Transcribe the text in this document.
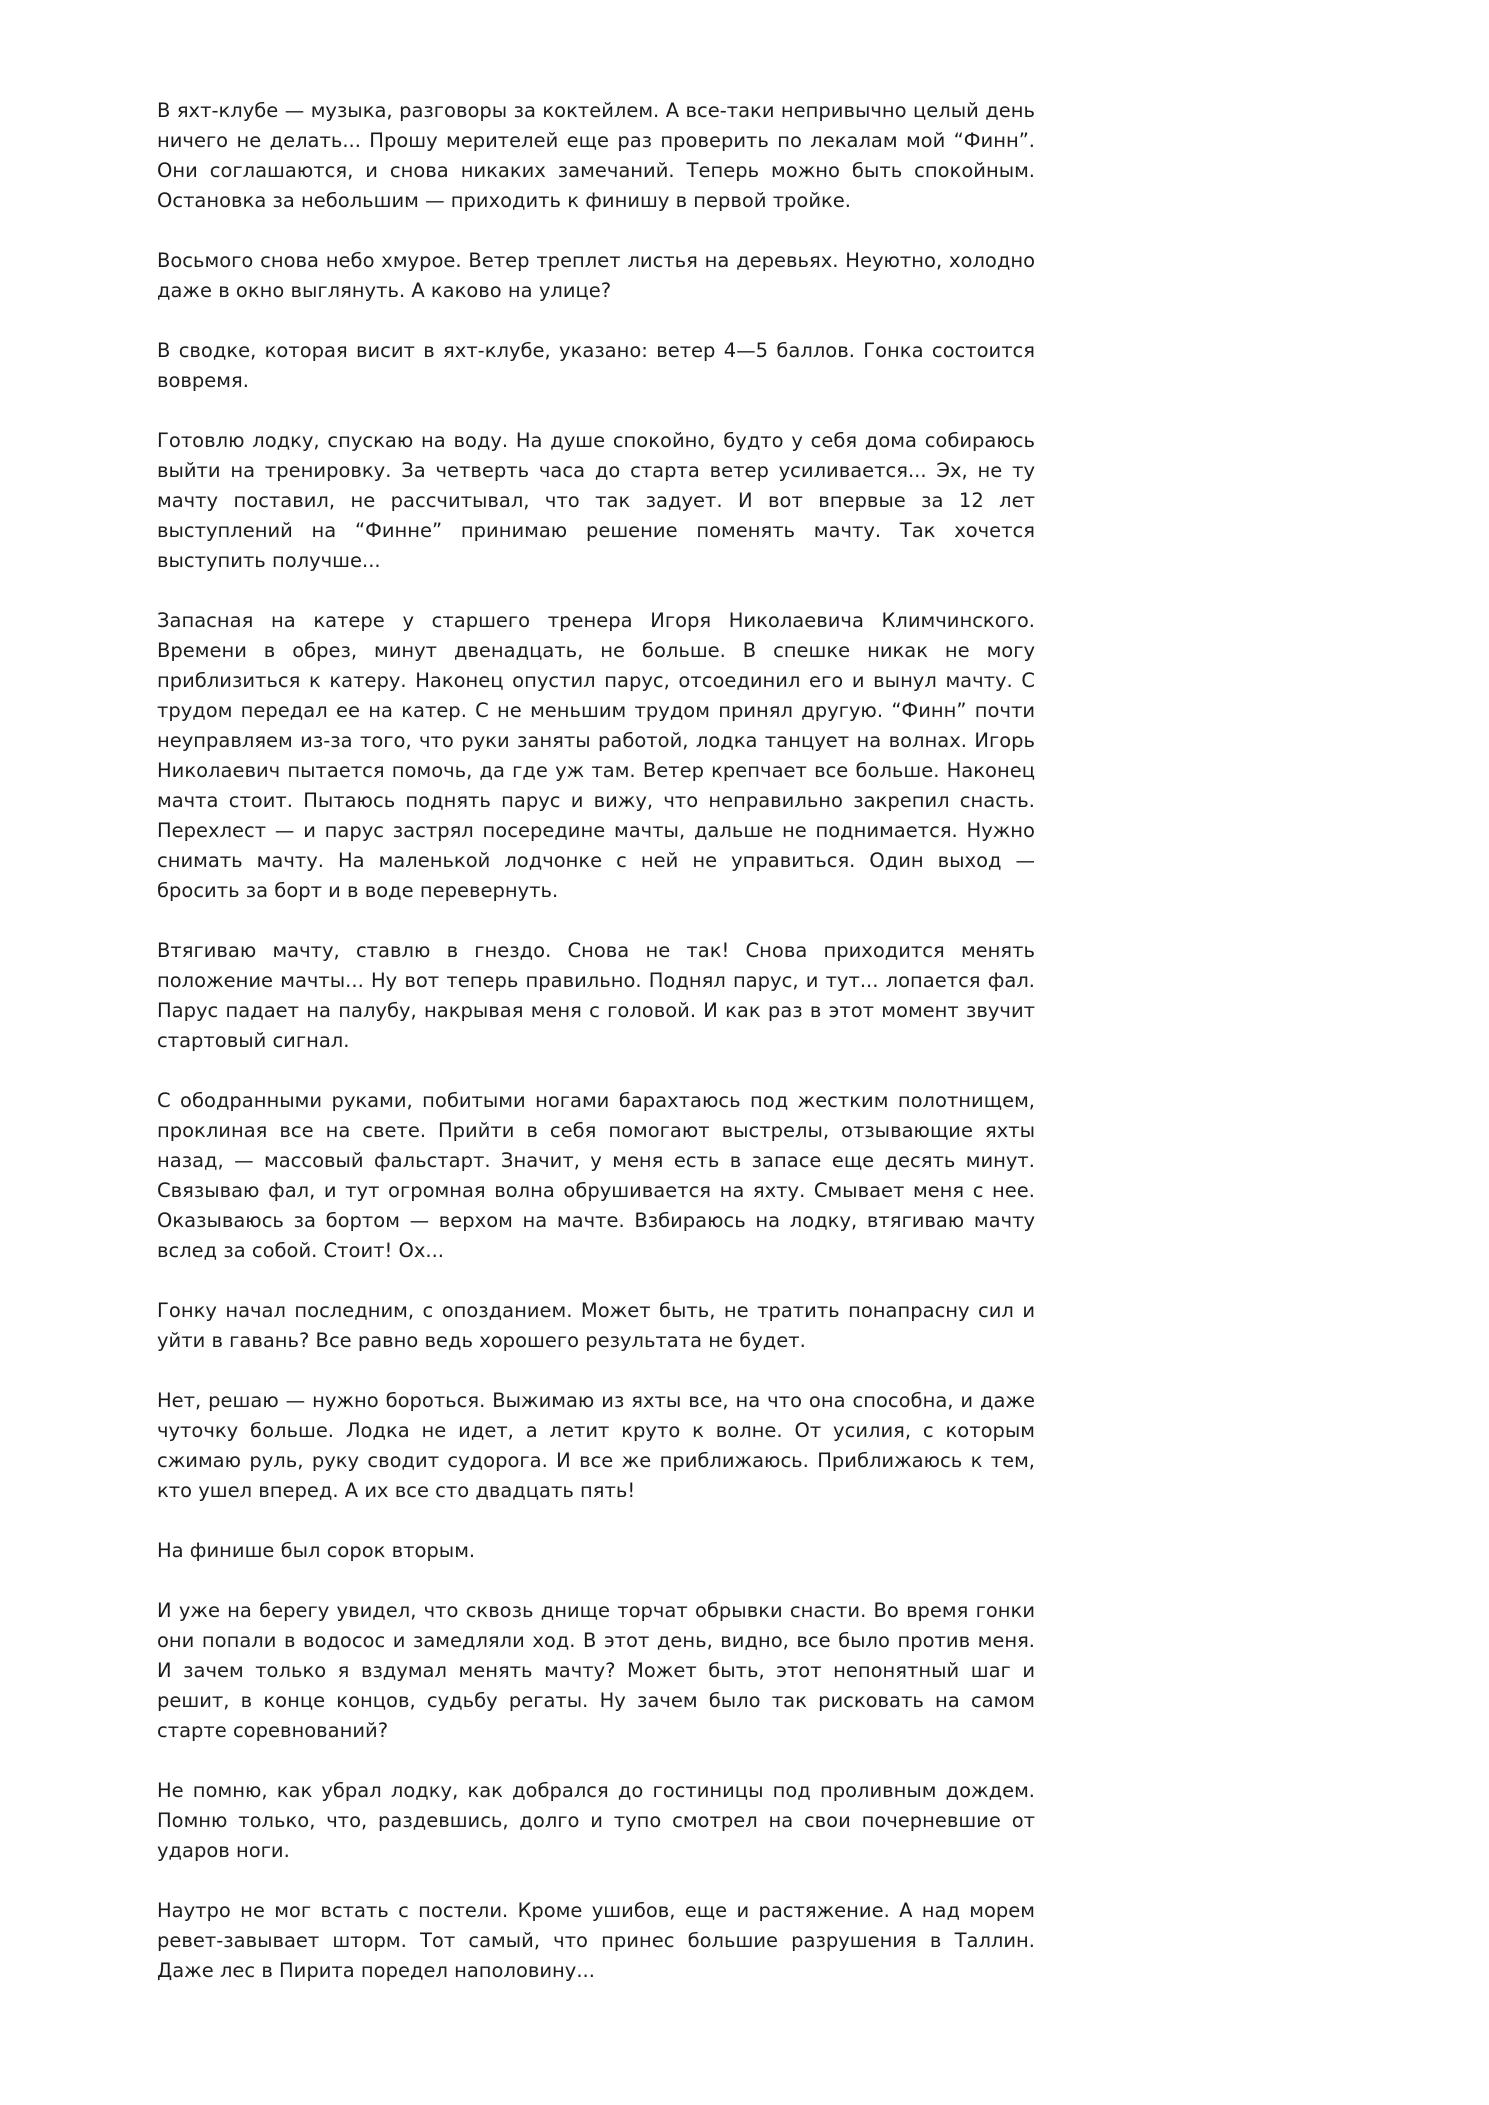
В яхт-клубе — музыка, разговоры за коктейлем. А все-таки непривычно целый день ничего не делать... Прошу мерителей еще раз проверить по лекалам мой “Финн”. Они соглашаются, и снова никаких замечаний. Теперь можно быть спокойным. Остановка за небольшим — приходить к финишу в первой тройке.

Восьмого снова небо хмурое. Ветер треплет листья на деревьях. Неуютно, холодно даже в окно выглянуть. А каково на улице?

В сводке, которая висит в яхт-клубе, указано: ветер 4—5 баллов. Гонка состоится вовремя.

Готовлю лодку, спускаю на воду. На душе спокойно, будто у себя дома собираюсь выйти на тренировку. За четверть часа до старта ветер усиливается... Эх, не ту мачту поставил, не рассчитывал, что так задует. И вот впервые за 12 лет выступлений на “Финне” принимаю решение поменять мачту. Так хочется выступить получше...

Запасная на катере у старшего тренера Игоря Николаевича Климчинского. Времени в обрез, минут двенадцать, не больше. В спешке никак не могу приблизиться к катеру. Наконец опустил парус, отсоединил его и вынул мачту. С трудом передал ее на катер. С не меньшим трудом принял другую. “Финн” почти неуправляем из-за того, что руки заняты работой, лодка танцует на волнах. Игорь Николаевич пытается помочь, да где уж там. Ветер крепчает все больше. Наконец мачта стоит. Пытаюсь поднять парус и вижу, что неправильно закрепил снасть. Перехлест — и парус застрял посередине мачты, дальше не поднимается. Нужно снимать мачту. На маленькой лодчонке с ней не управиться. Один выход — бросить за борт и в воде перевернуть.

Втягиваю мачту, ставлю в гнездо. Снова не так! Снова приходится менять положение мачты... Ну вот теперь правильно. Поднял парус, и тут... лопается фал. Парус падает на палубу, накрывая меня с головой. И как раз в этот момент звучит стартовый сигнал.

С ободранными руками, побитыми ногами барахтаюсь под жестким полотнищем, проклиная все на свете. Прийти в себя помогают выстрелы, отзывающие яхты назад, — массовый фальстарт. Значит, у меня есть в запасе еще десять минут. Связываю фал, и тут огромная волна обрушивается на яхту. Смывает меня с нее. Оказываюсь за бортом — верхом на мачте. Взбираюсь на лодку, втягиваю мачту вслед за собой. Стоит! Ох...

Гонку начал последним, с опозданием. Может быть, не тратить понапрасну сил и уйти в гавань? Все равно ведь хорошего результата не будет.

Нет, решаю — нужно бороться. Выжимаю из яхты все, на что она способна, и даже чуточку больше. Лодка не идет, а летит круто к волне. От усилия, с которым сжимаю руль, руку сводит судорога. И все же приближаюсь. Приближаюсь к тем, кто ушел вперед. А их все сто двадцать пять!

На финише был сорок вторым.

И уже на берегу увидел, что сквозь днище торчат обрывки снасти. Во время гонки они попали в водосос и замедляли ход. В этот день, видно, все было против меня. И зачем только я вздумал менять мачту? Может быть, этот непонятный шаг и решит, в конце концов, судьбу регаты. Ну зачем было так рисковать на самом старте соревнований?

Не помню, как убрал лодку, как добрался до гостиницы под проливным дождем. Помню только, что, раздевшись, долго и тупо смотрел на свои почерневшие от ударов ноги.

Наутро не мог встать с постели. Кроме ушибов, еще и растяжение. А над морем ревет-завывает шторм. Тот самый, что принес большие разрушения в Таллин. Даже лес в Пирита поредел наполовину...
